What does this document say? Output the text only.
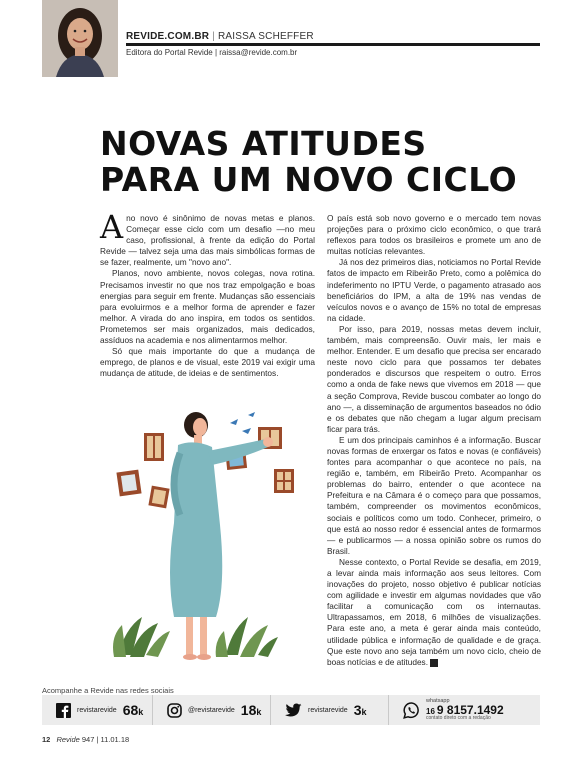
REVIDE.COM.BR | RAISSA SCHEFFER
Editora do Portal Revide | raissa@revide.com.br
NOVAS ATITUDES
PARA UM NOVO CICLO

Ano novo é sinônimo de novas metas e planos. Começar esse ciclo com um desafio —no meu caso, profissional, à frente da edição do Portal Revide — talvez seja uma das mais simbólicas formas de se fazer, realmente, um "novo ano".

Planos, novo ambiente, novos colegas, nova rotina. Precisamos investir no que nos traz empolgação e boas energias para seguir em frente. Mudanças são essenciais para evoluirmos e a melhor forma de aprender e fazer melhor. A virada do ano inspira, em todos os sentidos. Prometemos ser mais organizados, mais dedicados, assíduos na academia e nos alimentarmos melhor.

Só que mais importante do que a mudança de emprego, de planos e de visual, este 2019 vai exigir uma mudança de atitude, de ideias e de sentimentos.

O país está sob novo governo e o mercado tem novas projeções para o próximo ciclo econômico, o que trará reflexos para todos os brasileiros e promete um ano de muitas notícias relevantes.

Já nos dez primeiros dias, noticiamos no Portal Revide fatos de impacto em Ribeirão Preto, como a polêmica do indeferimento no IPTU Verde, o pagamento atrasado aos beneficiários do IPM, a alta de 19% nas vendas de veículos novos e o avanço de 15% no total de empresas na cidade.

Por isso, para 2019, nossas metas devem incluir, também, mais compreensão. Ouvir mais, ler mais e melhor. Entender. E um desafio que precisa ser encarado neste novo ciclo para que possamos ter debates ponderados e discursos que respeitem o outro. Erros como a onda de fake news que vivemos em 2018 — que a seção Comprova, Revide buscou combater ao longo do ano —, a disseminação de argumentos baseados no ódio e os debates que não chegam a lugar algum precisam ficar para trás.

E um dos principais caminhos é a informação. Buscar novas formas de enxergar os fatos e novas (e confiáveis) fontes para acompanhar o que acontece no país, na região e, também, em Ribeirão Preto. Acompanhar os problemas do bairro, entender o que acontece na Prefeitura e na Câmara é o começo para que possamos, também, compreender os movimentos econômicos, sociais e políticos como um todo. Conhecer, primeiro, o que está ao nosso redor é essencial antes de formarmos — e publicarmos — a nossa opinião sobre os rumos do Brasil.

Nesse contexto, o Portal Revide se desafia, em 2019, a levar ainda mais informação aos seus leitores. Com inovações do projeto, nosso objetivo é publicar notícias com agilidade e investir em algumas novidades que vão facilitar a comunicação com os internautas. Ultrapassamos, em 2018, 6 milhões de visualizações. Para este ano, a meta é gerar ainda mais conteúdo, utilidade pública e informação de qualidade e de graça. Que este novo ano seja também um novo ciclo, cheio de boas notícias e de atitudes. R

Acompanhe a Revide nas redes sociais
revistarevide 68k	@revistarevide 18k	revistarevide 3k
whatsapp
16 9 8157.1492
contato direto com a redação
12 Revide 947 | 11.01.18
